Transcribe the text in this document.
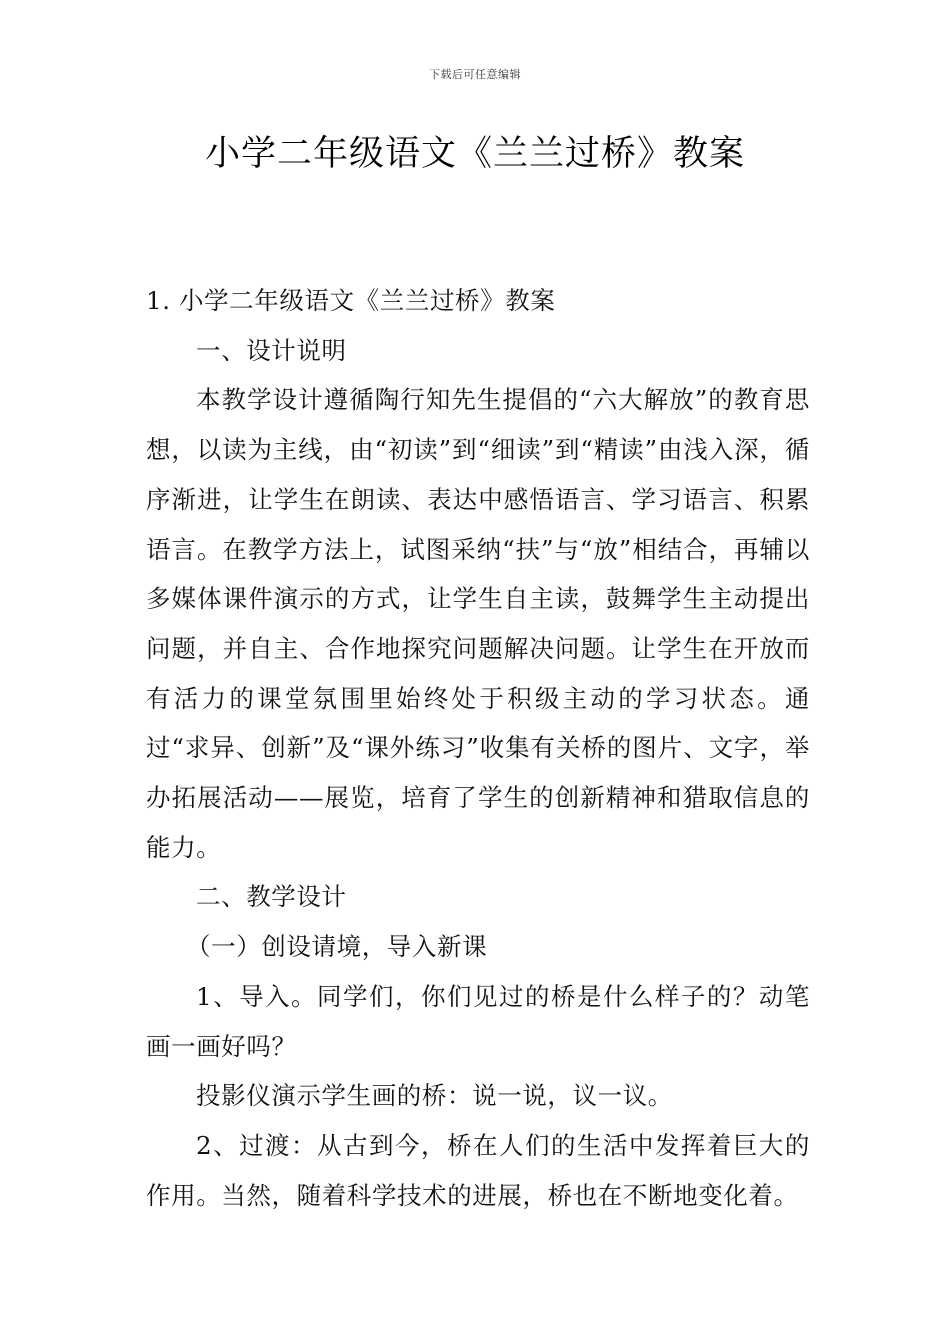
下载后可任意编辑
小学二年级语文《兰兰过桥》教案

1. 小学二年级语文《兰兰过桥》教案

一、设计说明

本教学设计遵循陶行知先生提倡的“六大解放”的教育思想，以读为主线，由“初读”到“细读”到“精读”由浅入深，循序渐进，让学生在朗读、表达中感悟语言、学习语言、积累语言。在教学方法上，试图采纳“扶”与“放”相结合，再辅以多媒体课件演示的方式，让学生自主读，鼓舞学生主动提出问题，并自主、合作地探究问题解决问题。让学生在开放而有活力的课堂氛围里始终处于积级主动的学习状态。通过“求异、创新”及“课外练习”收集有关桥的图片、文字，举办拓展活动——展览，培育了学生的创新精神和猎取信息的能力。

二、教学设计

（一）创设请境，导入新课

1、导入。同学们，你们见过的桥是什么样子的？动笔画一画好吗？

投影仪演示学生画的桥：说一说，议一议。

2、过渡：从古到今，桥在人们的生活中发挥着巨大的作用。当然，随着科学技术的进展，桥也在不断地变化着。
